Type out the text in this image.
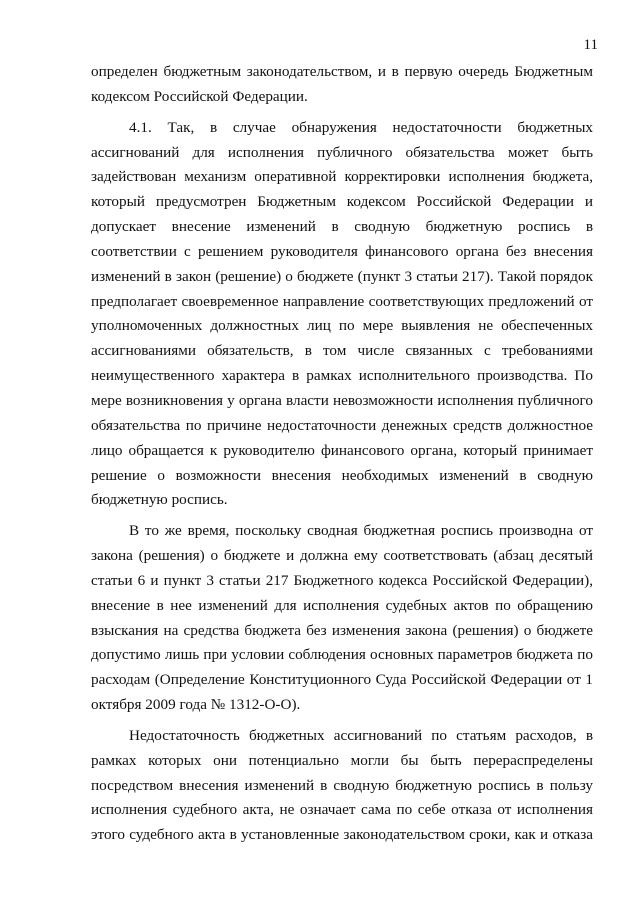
11
определен бюджетным законодательством, и в первую очередь Бюджетным
кодексом Российской Федерации.
4.1. Так, в случае обнаружения недостаточности бюджетных
ассигнований для исполнения публичного обязательства может быть
задействован механизм оперативной корректировки исполнения бюджета,
который предусмотрен Бюджетным кодексом Российской Федерации и
допускает внесение изменений в сводную бюджетную роспись в
соответствии с решением руководителя финансового органа без внесения
изменений в закон (решение) о бюджете (пункт 3 статьи 217). Такой порядок
предполагает своевременное направление соответствующих предложений от
уполномоченных должностных лиц по мере выявления не обеспеченных
ассигнованиями обязательств, в том числе связанных с требованиями
неимущественного характера в рамках исполнительного производства. По
мере возникновения у органа власти невозможности исполнения публичного
обязательства по причине недостаточности денежных средств должностное
лицо обращается к руководителю финансового органа, который принимает
решение о возможности внесения необходимых изменений в сводную
бюджетную роспись.
В то же время, поскольку сводная бюджетная роспись производна от
закона (решения) о бюджете и должна ему соответствовать (абзац десятый
статьи 6 и пункт 3 статьи 217 Бюджетного кодекса Российской Федерации),
внесение в нее изменений для исполнения судебных актов по обращению
взыскания на средства бюджета без изменения закона (решения) о бюджете
допустимо лишь при условии соблюдения основных параметров бюджета по
расходам (Определение Конституционного Суда Российской Федерации от 1
октября 2009 года № 1312-О-О).
Недостаточность бюджетных ассигнований по статьям расходов, в
рамках которых они потенциально могли бы быть перераспределены
посредством внесения изменений в сводную бюджетную роспись в пользу
исполнения судебного акта, не означает сама по себе отказа от исполнения
этого судебного акта в установленные законодательством сроки, как и отказа
